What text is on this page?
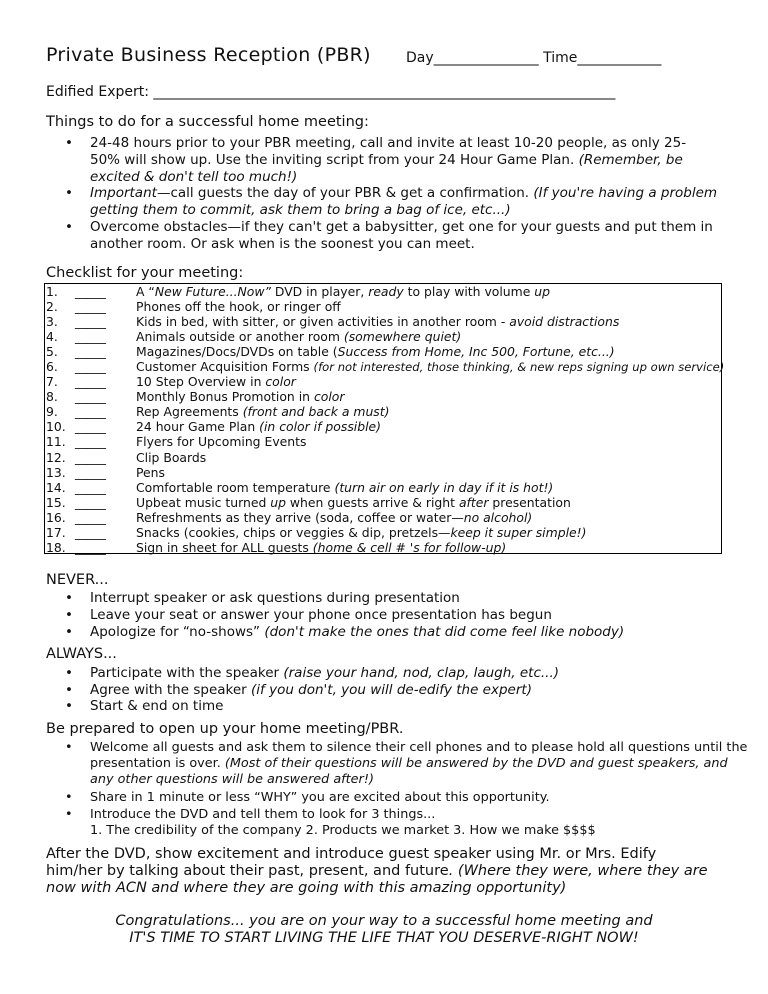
Private Business Reception (PBR)	Day_______________ Time____________
Edified Expert: __________________________________________________________________
Things to do for a successful home meeting:
• 24-48 hours prior to your PBR meeting, call and invite at least 10-20 people, as only 25-
50% will show up. Use the inviting script from your 24 Hour Game Plan. (Remember, be
excited & don't tell too much!)
• Important—call guests the day of your PBR & get a confirmation. (If you're having a problem
getting them to commit, ask them to bring a bag of ice, etc...)
• Overcome obstacles—if they can't get a babysitter, get one for your guests and put them in
another room. Or ask when is the soonest you can meet.
Checklist for your meeting:
1.	_____ A “New Future...Now” DVD in player, ready to play with volume up
2.	_____ Phones off the hook, or ringer off
3.	_____ Kids in bed, with sitter, or given activities in another room - avoid distractions
4.	_____ Animals outside or another room (somewhere quiet)
5.	_____ Magazines/Docs/DVDs on table (Success from Home, Inc 500, Fortune, etc...)
6.	_____ Customer Acquisition Forms (for not interested, those thinking, & new reps signing up own service)
7.	_____ 10 Step Overview in color
8.	_____ Monthly Bonus Promotion in color
9.	_____ Rep Agreements (front and back a must)
10. _____ 24 hour Game Plan (in color if possible)
11. _____ Flyers for Upcoming Events
12. _____ Clip Boards
13. _____ Pens
14. _____ Comfortable room temperature (turn air on early in day if it is hot!)
15. _____ Upbeat music turned up when guests arrive & right after presentation
16. _____ Refreshments as they arrive (soda, coffee or water—no alcohol)
17. _____ Snacks (cookies, chips or veggies & dip, pretzels—keep it super simple!)
18. _____ Sign in sheet for ALL guests (home & cell # 's for follow-up)
NEVER...
• Interrupt speaker or ask questions during presentation
• Leave your seat or answer your phone once presentation has begun
• Apologize for “no-shows” (don't make the ones that did come feel like nobody)
ALWAYS...
• Participate with the speaker (raise your hand, nod, clap, laugh, etc...)
• Agree with the speaker (if you don't, you will de-edify the expert)
• Start & end on time
Be prepared to open up your home meeting/PBR.
• Welcome all guests and ask them to silence their cell phones and to please hold all questions until the
presentation is over. (Most of their questions will be answered by the DVD and guest speakers, and
any other questions will be answered after!)
• Share in 1 minute or less “WHY” you are excited about this opportunity.
• Introduce the DVD and tell them to look for 3 things...
1. The credibility of the company 2. Products we market 3. How we make $$$$
After the DVD, show excitement and introduce guest speaker using Mr. or Mrs. Edify
him/her by talking about their past, present, and future. (Where they were, where they are
now with ACN and where they are going with this amazing opportunity)
Congratulations... you are on your way to a successful home meeting and
IT'S TIME TO START LIVING THE LIFE THAT YOU DESERVE-RIGHT NOW!
